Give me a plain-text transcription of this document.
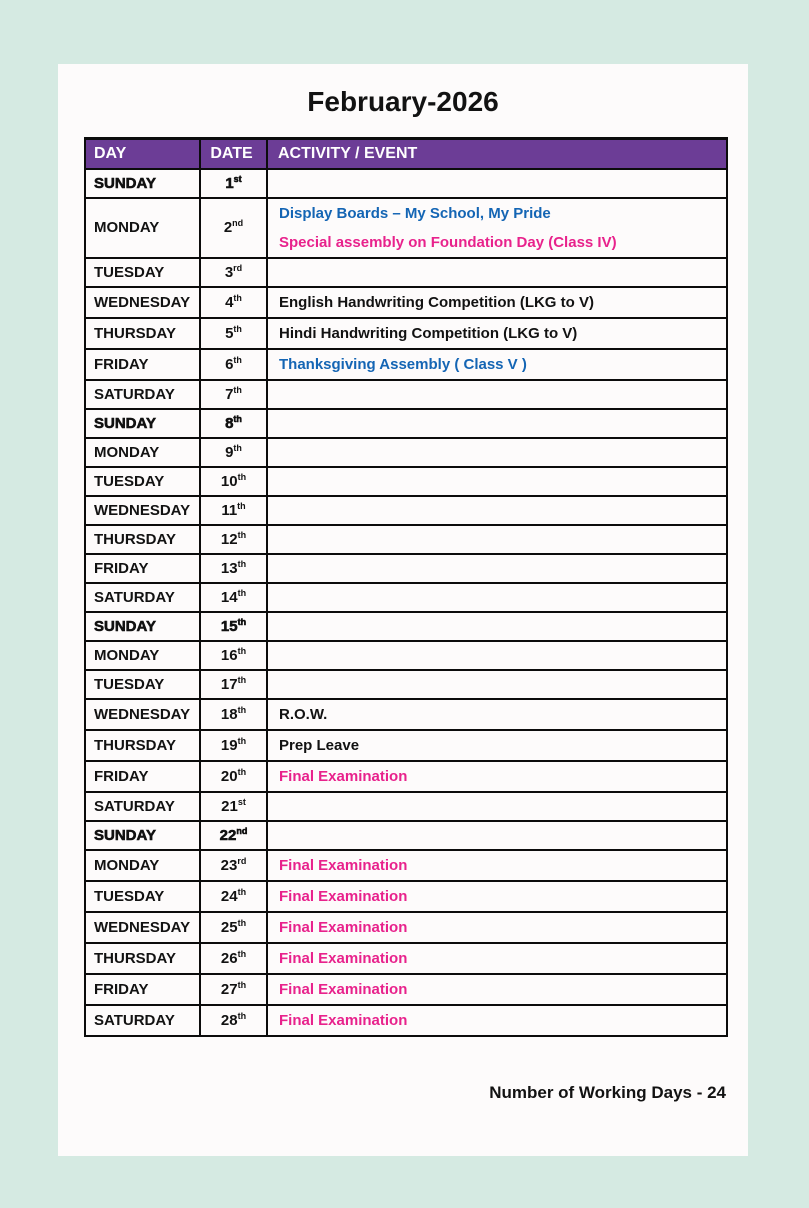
February-2026
DAY	DATE	ACTIVITY / EVENT
SUNDAY	1st	
MONDAY	2nd	Display Boards – My School, My Pride
Special assembly on Foundation Day (Class IV)

TUESDAY	3rd	
WEDNESDAY	4th	English Handwriting Competition (LKG to V)

THURSDAY	5th	Hindi Handwriting Competition (LKG to V)

FRIDAY	6th	Thanksgiving Assembly ( Class V )

SATURDAY	7th	
SUNDAY	8th	
MONDAY	9th	
TUESDAY	10th	
WEDNESDAY	11th	
THURSDAY	12th	
FRIDAY	13th	
SATURDAY	14th	
SUNDAY	15th	
MONDAY	16th	
TUESDAY	17th	
WEDNESDAY	18th	R.O.W.

THURSDAY	19th	Prep Leave

FRIDAY	20th	Final Examination

SATURDAY	21st	
SUNDAY	22nd	
MONDAY	23rd	Final Examination

TUESDAY	24th	Final Examination

WEDNESDAY	25th	Final Examination

THURSDAY	26th	Final Examination

FRIDAY	27th	Final Examination

SATURDAY	28th	Final Examination
Number of Working Days - 24
